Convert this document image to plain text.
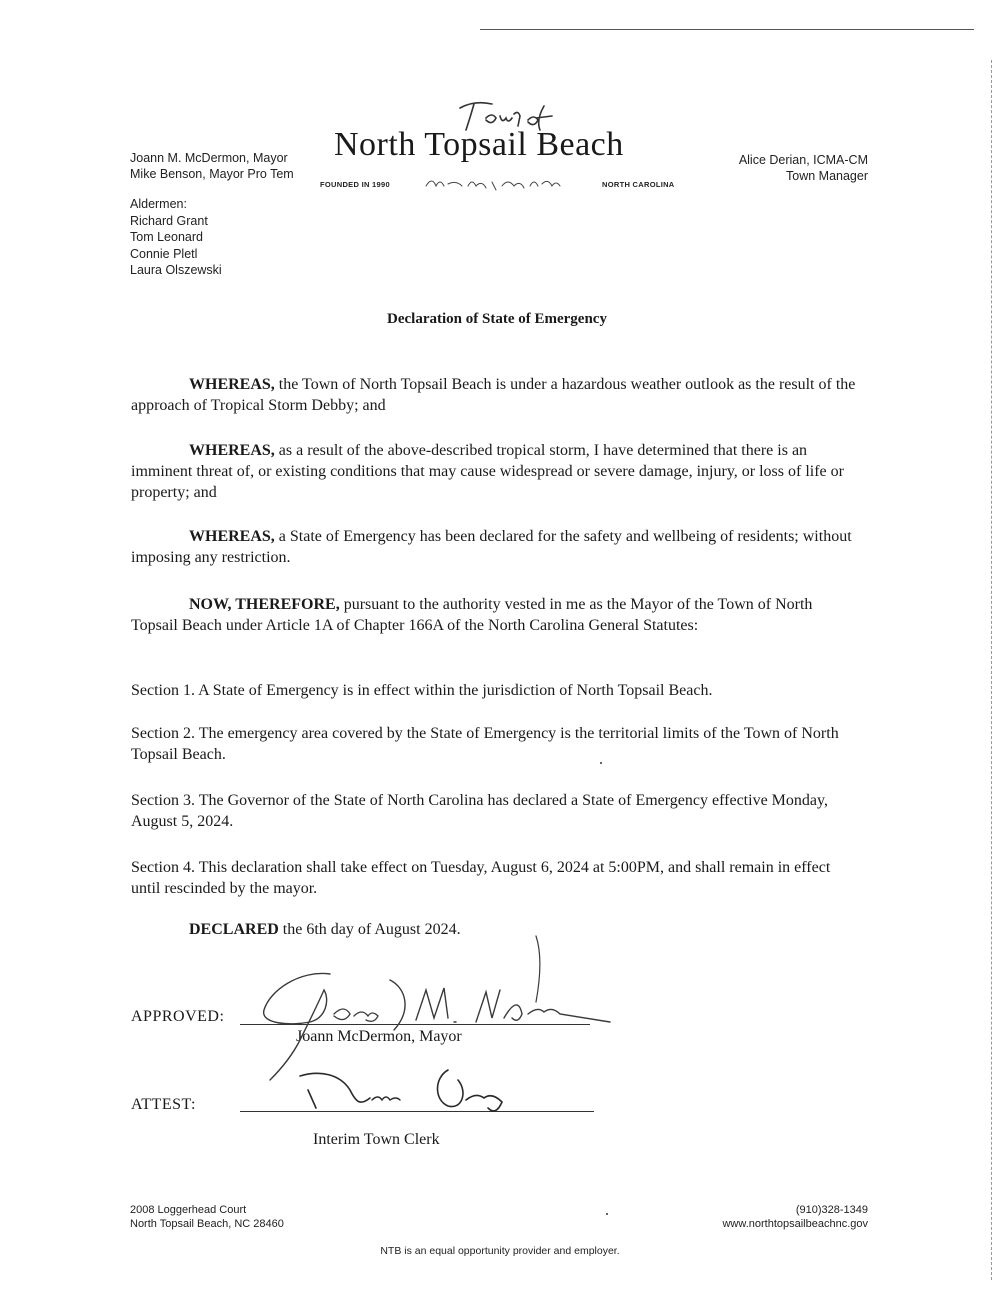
Joann M. McDermon, Mayor
Mike Benson, Mayor Pro Tem
Aldermen:
Richard Grant
Tom Leonard
Connie Pletl
Laura Olszewski
North Topsail Beach
FOUNDED IN 1990	NORTH CAROLINA
Alice Derian, ICMA-CM
Town Manager
Declaration of State of Emergency
WHEREAS, the Town of North Topsail Beach is under a hazardous weather outlook as the result of the approach of Tropical Storm Debby; and
WHEREAS, as a result of the above-described tropical storm, I have determined that there is an imminent threat of, or existing conditions that may cause widespread or severe damage, injury, or loss of life or property; and
WHEREAS, a State of Emergency has been declared for the safety and wellbeing of residents; without imposing any restriction.
NOW, THEREFORE, pursuant to the authority vested in me as the Mayor of the Town of North Topsail Beach under Article 1A of Chapter 166A of the North Carolina General Statutes:
Section 1. A State of Emergency is in effect within the jurisdiction of North Topsail Beach.
Section 2. The emergency area covered by the State of Emergency is the territorial limits of the Town of North Topsail Beach.
Section 3. The Governor of the State of North Carolina has declared a State of Emergency effective Monday, August 5, 2024.
Section 4. This declaration shall take effect on Tuesday, August 6, 2024 at 5:00PM, and shall remain in effect until rescinded by the mayor.
DECLARED the 6th day of August 2024.
APPROVED:
Joann McDermon, Mayor
ATTEST:
Interim Town Clerk
2008 Loggerhead Court
North Topsail Beach, NC 28460
(910)328-1349
www.northtopsailbeachnc.gov
NTB is an equal opportunity provider and employer.
